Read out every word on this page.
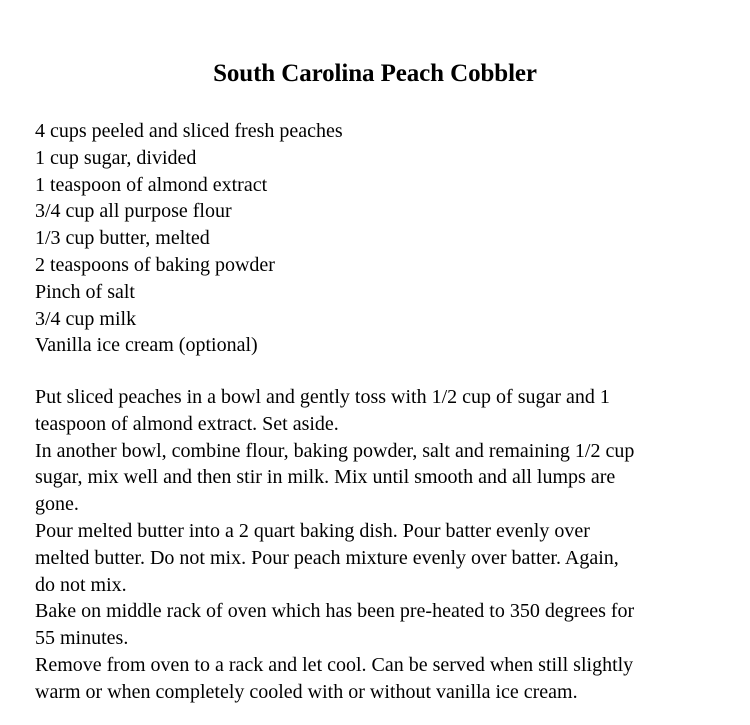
South Carolina Peach Cobbler
4 cups peeled and sliced fresh peaches
1 cup sugar, divided
1 teaspoon of almond extract
3/4 cup all purpose flour
1/3 cup butter, melted
2 teaspoons of baking powder
Pinch of salt
3/4 cup milk
Vanilla ice cream (optional)

Put sliced peaches in a bowl and gently toss with 1/2 cup of sugar and 1
teaspoon of almond extract. Set aside.

In another bowl, combine flour, baking powder, salt and remaining 1/2 cup
sugar, mix well and then stir in milk. Mix until smooth and all lumps are
gone.

Pour melted butter into a 2 quart baking dish. Pour batter evenly over
melted butter. Do not mix. Pour peach mixture evenly over batter. Again,
do not mix.

Bake on middle rack of oven which has been pre-heated to 350 degrees for
55 minutes.

Remove from oven to a rack and let cool. Can be served when still slightly
warm or when completely cooled with or without vanilla ice cream.
